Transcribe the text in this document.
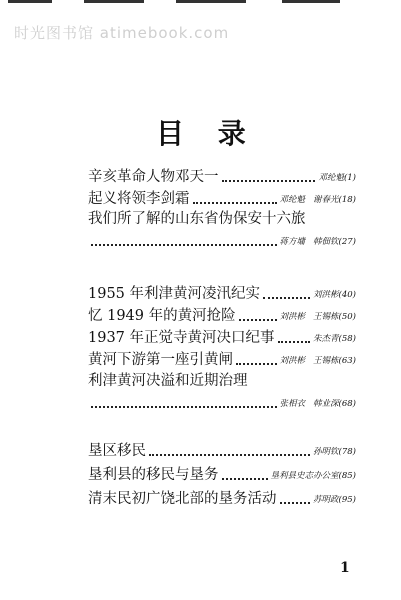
时光图书馆 atimebook.com
目 录
辛亥革命人物邓天一	邓纶魁(1)
起义将领李剑霜	邓纶魁 谢春光(18)
我们所了解的山东省伪保安十六旅
蒋方墉 韩佃钦(27)
1955 年利津黄河凌汛纪实	刘洪彬(40)
忆 1949 年的黄河抢险	刘洪彬 王锡栋(50)
1937 年正觉寺黄河决口纪事	朱杰青(58)
黄河下游第一座引黄闸	刘洪彬 王锡栋(63)
利津黄河决溢和近期治理
张相衣 韩业深(68)
垦区移民	孙明钦(78)
垦利县的移民与垦务	垦利县史志办公室(85)
清末民初广饶北部的垦务活动	苏明政(95)
1
